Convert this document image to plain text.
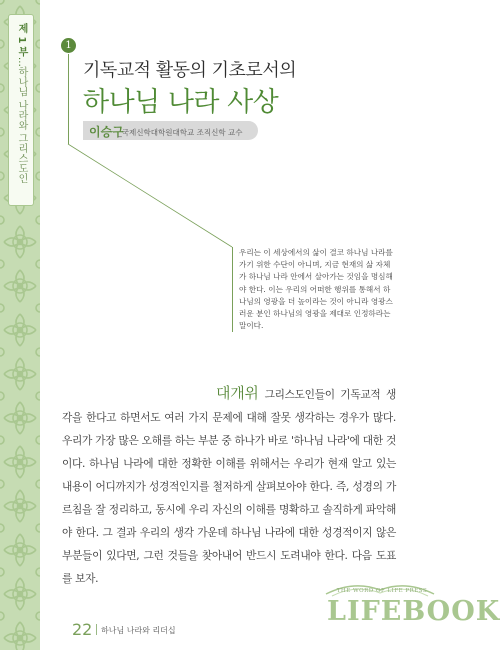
제 1 부…하나님 나라와 그리스도인
1
기독교적 활동의 기초로서의
하나님 나라 사상
이승구
_국제신학대학원대학교 조직신학 교수
우리는 이 세상에서의 삶이 결코 하나님 나라를 가기 위한 수단이 아니며, 지금 현재의 삶 자체가 하나님 나라 안에서 살아가는 것임을 명심해야 한다. 이는 우리의 어떠한 행위를 통해서 하나님의 영광을 더 높이라는 것이 아니라 영광스러운 분인 하나님의 영광을 제대로 인정하라는 말이다.
대개위 그리스도인들이 기독교적 생각을 한다고 하면서도 여러 가지 문제에 대해 잘못 생각하는 경우가 많다. 우리가 가장 많은 오해를 하는 부분 중 하나가 바로 '하나님 나라'에 대한 것이다. 하나님 나라에 대한 정확한 이해를 위해서는 우리가 현재 알고 있는 내용이 어디까지가 성경적인지를 철저하게 살펴보아야 한다. 즉, 성경의 가르침을 잘 정리하고, 동시에 우리 자신의 이해를 명확하고 솔직하게 파악해야 한다. 그 결과 우리의 생각 가운데 하나님 나라에 대한 성경적이지 않은 부분들이 있다면, 그런 것들을 찾아내어 반드시 도려내야 한다. 다음 도표를 보자.
22 하나님 나라와 리더십
THE WORD OF LIFE PRESS
LIFEBOOK
